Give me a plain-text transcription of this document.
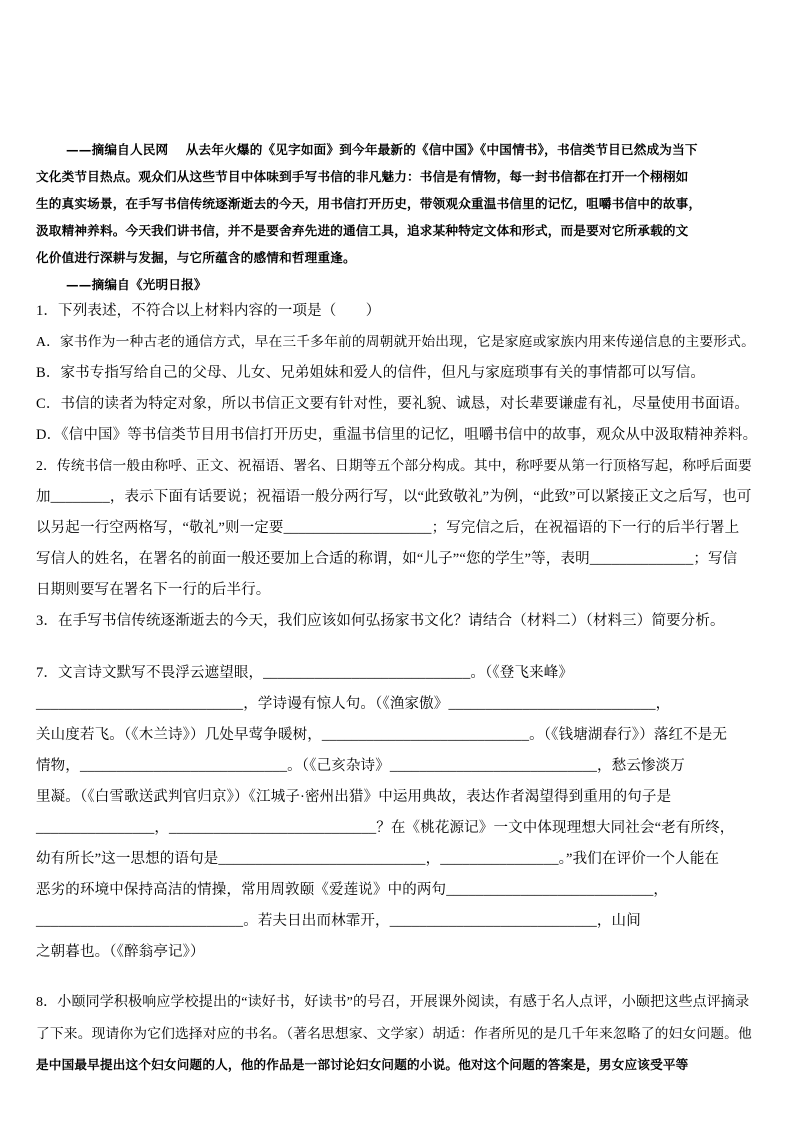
——摘编自人民网　 从去年火爆的《见字如面》到今年最新的《信中国》《中国情书》，书信类节目已然成为当下
文化类节目热点。观众们从这些节目中体味到手写书信的非凡魅力：书信是有情物，每一封书信都在打开一个栩栩如
生的真实场景，在手写书信传统逐渐逝去的今天，用书信打开历史，带领观众重温书信里的记忆，咀嚼书信中的故事，
汲取精神养料。今天我们讲书信，并不是要舍弃先进的通信工具，追求某种特定文体和形式，而是要对它所承载的文
化价值进行深耕与发掘，与它所蕴含的感情和哲理重逢。
——摘编自《光明日报》
1．下列表述，不符合以上材料内容的一项是（　　）
A．家书作为一种古老的通信方式，早在三千多年前的周朝就开始出现，它是家庭或家族内用来传递信息的主要形式。
B．家书专指写给自己的父母、儿女、兄弟姐妹和爱人的信件，但凡与家庭琐事有关的事情都可以写信。
C．书信的读者为特定对象，所以书信正文要有针对性，要礼貌、诚恳，对长辈要谦虚有礼，尽量使用书面语。
D．《信中国》等书信类节目用书信打开历史，重温书信里的记忆，咀嚼书信中的故事，观众从中汲取精神养料。
2．传统书信一般由称呼、正文、祝福语、署名、日期等五个部分构成。其中，称呼要从第一行顶格写起，称呼后面要
加________，表示下面有话要说；祝福语一般分两行写，以“此致敬礼”为例，“此致”可以紧接正文之后写，也可
以另起一行空两格写，“敬礼”则一定要____________________；写完信之后，在祝福语的下一行的后半行署上
写信人的姓名，在署名的前面一般还要加上合适的称谓，如“儿子”“您的学生”等，表明______________；写信
日期则要写在署名下一行的后半行。
3．在手写书信传统逐渐逝去的今天，我们应该如何弘扬家书文化？请结合（材料二）（材料三）简要分析。
7．文言诗文默写不畏浮云遮望眼，____________________________。（《登飞来峰》
____________________________，学诗谩有惊人句。（《渔家傲》____________________________，
关山度若飞。（《木兰诗》）几处早莺争暖树，____________________________。（《钱塘湖春行》）落红不是无
情物，____________________________。（《己亥杂诗》____________________________，愁云惨淡万
里凝。（《白雪歌送武判官归京》）《江城子·密州出猎》中运用典故，表达作者渴望得到重用的句子是
________________，____________________________？在《桃花源记》一文中体现理想大同社会“老有所终，
幼有所长”这一思想的语句是____________________________，________________。”我们在评价一个人能在
恶劣的环境中保持高洁的情操，常用周敦颐《爱莲说》中的两句____________________________，
____________________________。若夫日出而林霏开，____________________________，山间
之朝暮也。（《醉翁亭记》）
8．小颐同学积极响应学校提出的“读好书，好读书”的号召，开展课外阅读，有感于名人点评，小颐把这些点评摘录
了下来。现请你为它们选择对应的书名。（著名思想家、文学家）胡适：作者所见的是几千年来忽略了的妇女问题。他
是中国最早提出这个妇女问题的人，他的作品是一部讨论妇女问题的小说。他对这个问题的答案是，男女应该受平等
